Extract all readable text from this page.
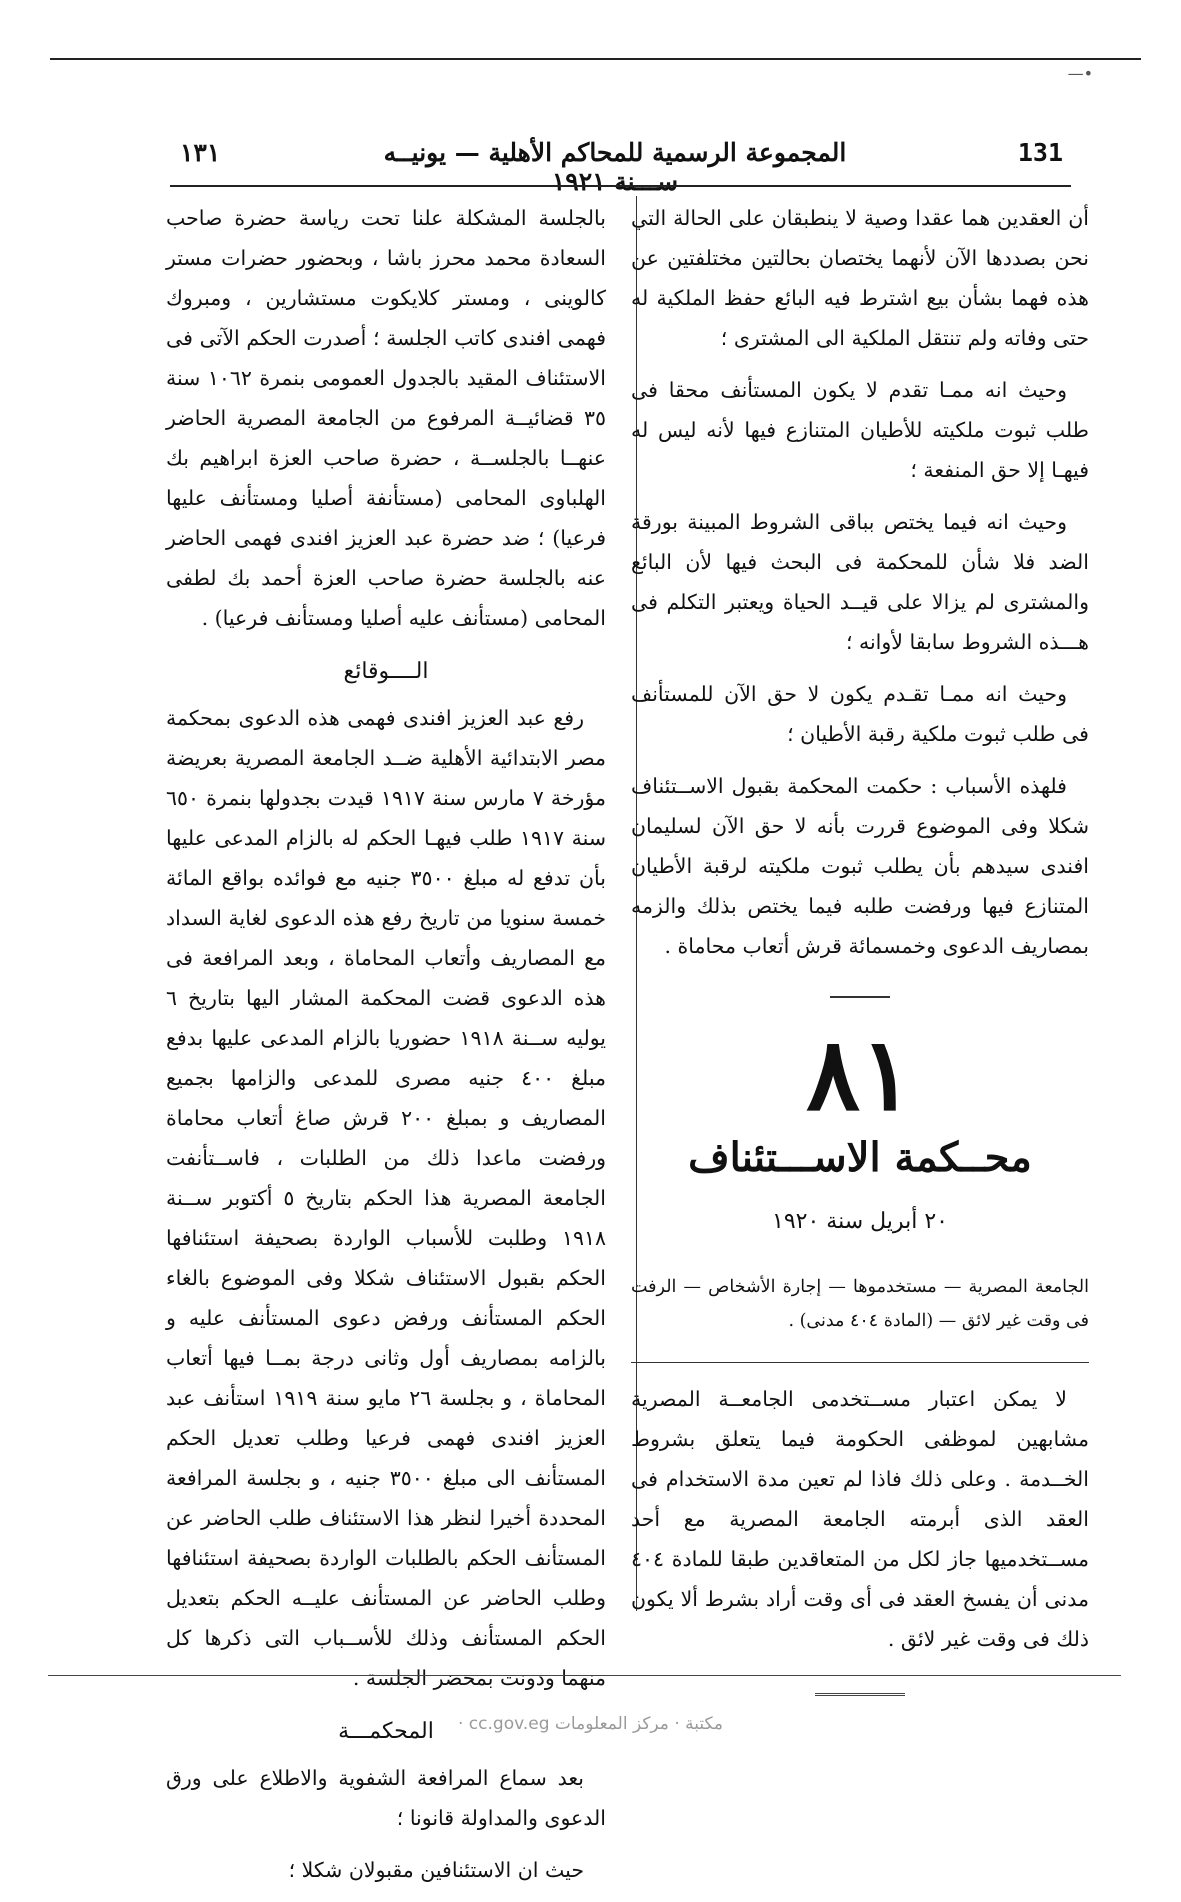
—•
131
المجموعة الرسمية للمحاكم الأهلية — يونيــه ســـنة ١٩٢١
١٣١

أن العقدين هما عقدا وصية لا ينطبقان على الحالة التي نحن بصددها الآن لأنهما يختصان بحالتين مختلفتين عن هذه فهما بشأن بيع اشترط فيه البائع حفظ الملكية له حتى وفاته ولم تنتقل الملكية الى المشترى ؛

وحيث انه ممـا تقدم لا يكون المستأنف محقا فى طلب ثبوت ملكيته للأطيان المتنازع فيها لأنه ليس له فيهـا إلا حق المنفعة ؛

وحيث انه فيما يختص بباقى الشروط المبينة بورقة الضد فلا شأن للمحكمة فى البحث فيها لأن البائع والمشترى لم يزالا على قيــد الحياة ويعتبر التكلم فى هـــذه الشروط سابقا لأوانه ؛

وحيث انه ممـا تقـدم يكون لا حق الآن للمستأنف فى طلب ثبوت ملكية رقبة الأطيان ؛

فلهذه الأسباب : حكمت المحكمة بقبول الاســتئناف شكلا وفى الموضوع قررت بأنه لا حق الآن لسليمان افندى سيدهم بأن يطلب ثبوت ملكيته لرقبة الأطيان المتنازع فيها ورفضت طلبه فيما يختص بذلك والزمه بمصاريف الدعوى وخمسمائة قرش أتعاب محاماة .

٨١
محــكمة الاســـتئناف
٢٠ أبريل سنة ١٩٢٠
الجامعة المصرية — مستخدموها — إجارة الأشخاص — الرفت فى وقت غير لائق — (المادة ٤٠٤ مدنى) .
لا يمكن اعتبار مســتخدمى الجامعــة المصرية مشابهين لموظفى الحكومة فيما يتعلق بشروط الخــدمة . وعلى ذلك فاذا لم تعين مدة الاستخدام فى العقد الذى أبرمته الجامعة المصرية مع أحد مســتخدميها جاز لكل من المتعاقدين طبقا للمادة ٤٠٤ مدنى أن يفسخ العقد فى أى وقت أراد بشرط ألا يكون ذلك فى وقت غير لائق .

بالجلسة المشكلة علنا تحت رياسة حضرة صاحب السعادة محمد محرز باشا ، وبحضور حضرات مستر كالوينى ، ومستر كلايكوت مستشارين ، ومبروك فهمى افندى كاتب الجلسة ؛ أصدرت الحكم الآتى فى الاستئناف المقيد بالجدول العمومى بنمرة ١٠٦٢ سنة ٣٥ قضائيــة المرفوع من الجامعة المصرية الحاضر عنهــا بالجلســة ، حضرة صاحب العزة ابراهيم بك الهلباوى المحامى (مستأنفة أصليا ومستأنف عليها فرعيا) ؛ ضد حضرة عبد العزيز افندى فهمى الحاضر عنه بالجلسة حضرة صاحب العزة أحمد بك لطفى المحامى (مستأنف عليه أصليا ومستأنف فرعيا) .

الــــوقائع

رفع عبد العزيز افندى فهمى هذه الدعوى بمحكمة مصر الابتدائية الأهلية ضــد الجامعة المصرية بعريضة مؤرخة ٧ مارس سنة ١٩١٧ قيدت بجدولها بنمرة ٦٥٠ سنة ١٩١٧ طلب فيهـا الحكم له بالزام المدعى عليها بأن تدفع له مبلغ ٣٥٠٠ جنيه مع فوائده بواقع المائة خمسة سنويا من تاريخ رفع هذه الدعوى لغاية السداد مع المصاريف وأتعاب المحاماة ، وبعد المرافعة فى هذه الدعوى قضت المحكمة المشار اليها بتاريخ ٦ يوليه ســنة ١٩١٨ حضوريا بالزام المدعى عليها بدفع مبلغ ٤٠٠ جنيه مصرى للمدعى والزامها بجميع المصاريف و بمبلغ ٢٠٠ قرش صاغ أتعاب محاماة ورفضت ماعدا ذلك من الطلبات ، فاســتأنفت الجامعة المصرية هذا الحكم بتاريخ ٥ أكتوبر ســنة ١٩١٨ وطلبت للأسباب الواردة بصحيفة استئنافها الحكم بقبول الاستئناف شكلا وفى الموضوع بالغاء الحكم المستأنف ورفض دعوى المستأنف عليه و بالزامه بمصاريف أول وثانى درجة بمــا فيها أتعاب المحاماة ، و بجلسة ٢٦ مايو سنة ١٩١٩ استأنف عبد العزيز افندى فهمى فرعيا وطلب تعديل الحكم المستأنف الى مبلغ ٣٥٠٠ جنيه ، و بجلسة المرافعة المحددة أخيرا لنظر هذا الاستئناف طلب الحاضر عن المستأنف الحكم بالطلبات الواردة بصحيفة استئنافها وطلب الحاضر عن المستأنف عليــه الحكم بتعديل الحكم المستأنف وذلك للأســباب التى ذكرها كل منهما ودونت بمحضر الجلسة .

المحكمـــة

بعد سماع المرافعة الشفوية والاطلاع على ورق الدعوى والمداولة قانونا ؛

حيث ان الاستئنافين مقبولان شكلا ؛

مكتبة ‪·‬ مركز المعلومات ‪·‬ cc.gov.eg
